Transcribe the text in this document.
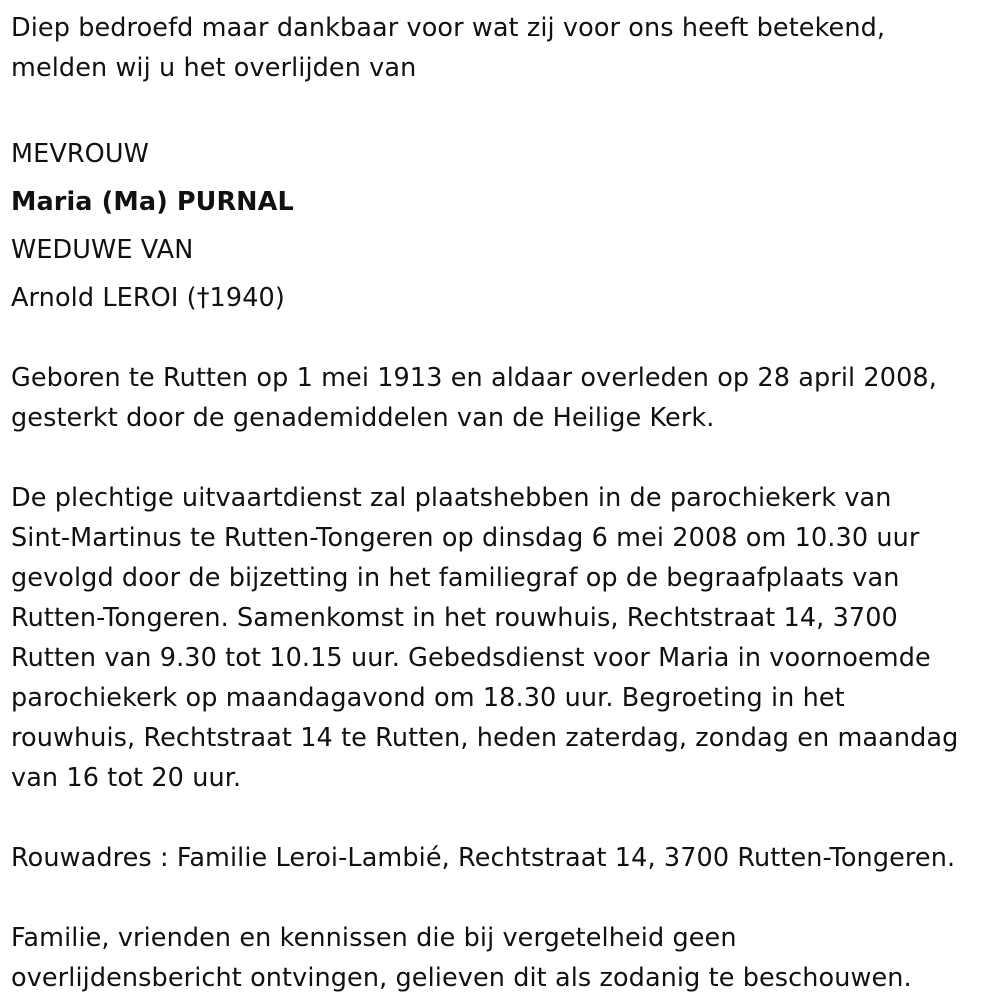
Diep bedroefd maar dankbaar voor wat zij voor ons heeft betekend,

melden wij u het overlijden van

MEVROUW

Maria (Ma) PURNAL

WEDUWE VAN

Arnold LEROI (†1940)

Geboren te Rutten op 1 mei 1913 en aldaar overleden op 28 april 2008,

gesterkt door de genademiddelen van de Heilige Kerk.

De plechtige uitvaartdienst zal plaatshebben in de parochiekerk van

Sint-Martinus te Rutten-Tongeren op dinsdag 6 mei 2008 om 10.30 uur

gevolgd door de bijzetting in het familiegraf op de begraafplaats van

Rutten-Tongeren. Samenkomst in het rouwhuis, Rechtstraat 14, 3700

Rutten van 9.30 tot 10.15 uur. Gebedsdienst voor Maria in voornoemde

parochiekerk op maandagavond om 18.30 uur. Begroeting in het

rouwhuis, Rechtstraat 14 te Rutten, heden zaterdag, zondag en maandag

van 16 tot 20 uur.

Rouwadres : Familie Leroi-Lambié, Rechtstraat 14, 3700 Rutten-Tongeren.

Familie, vrienden en kennissen die bij vergetelheid geen

overlijdensbericht ontvingen, gelieven dit als zodanig te beschouwen.
